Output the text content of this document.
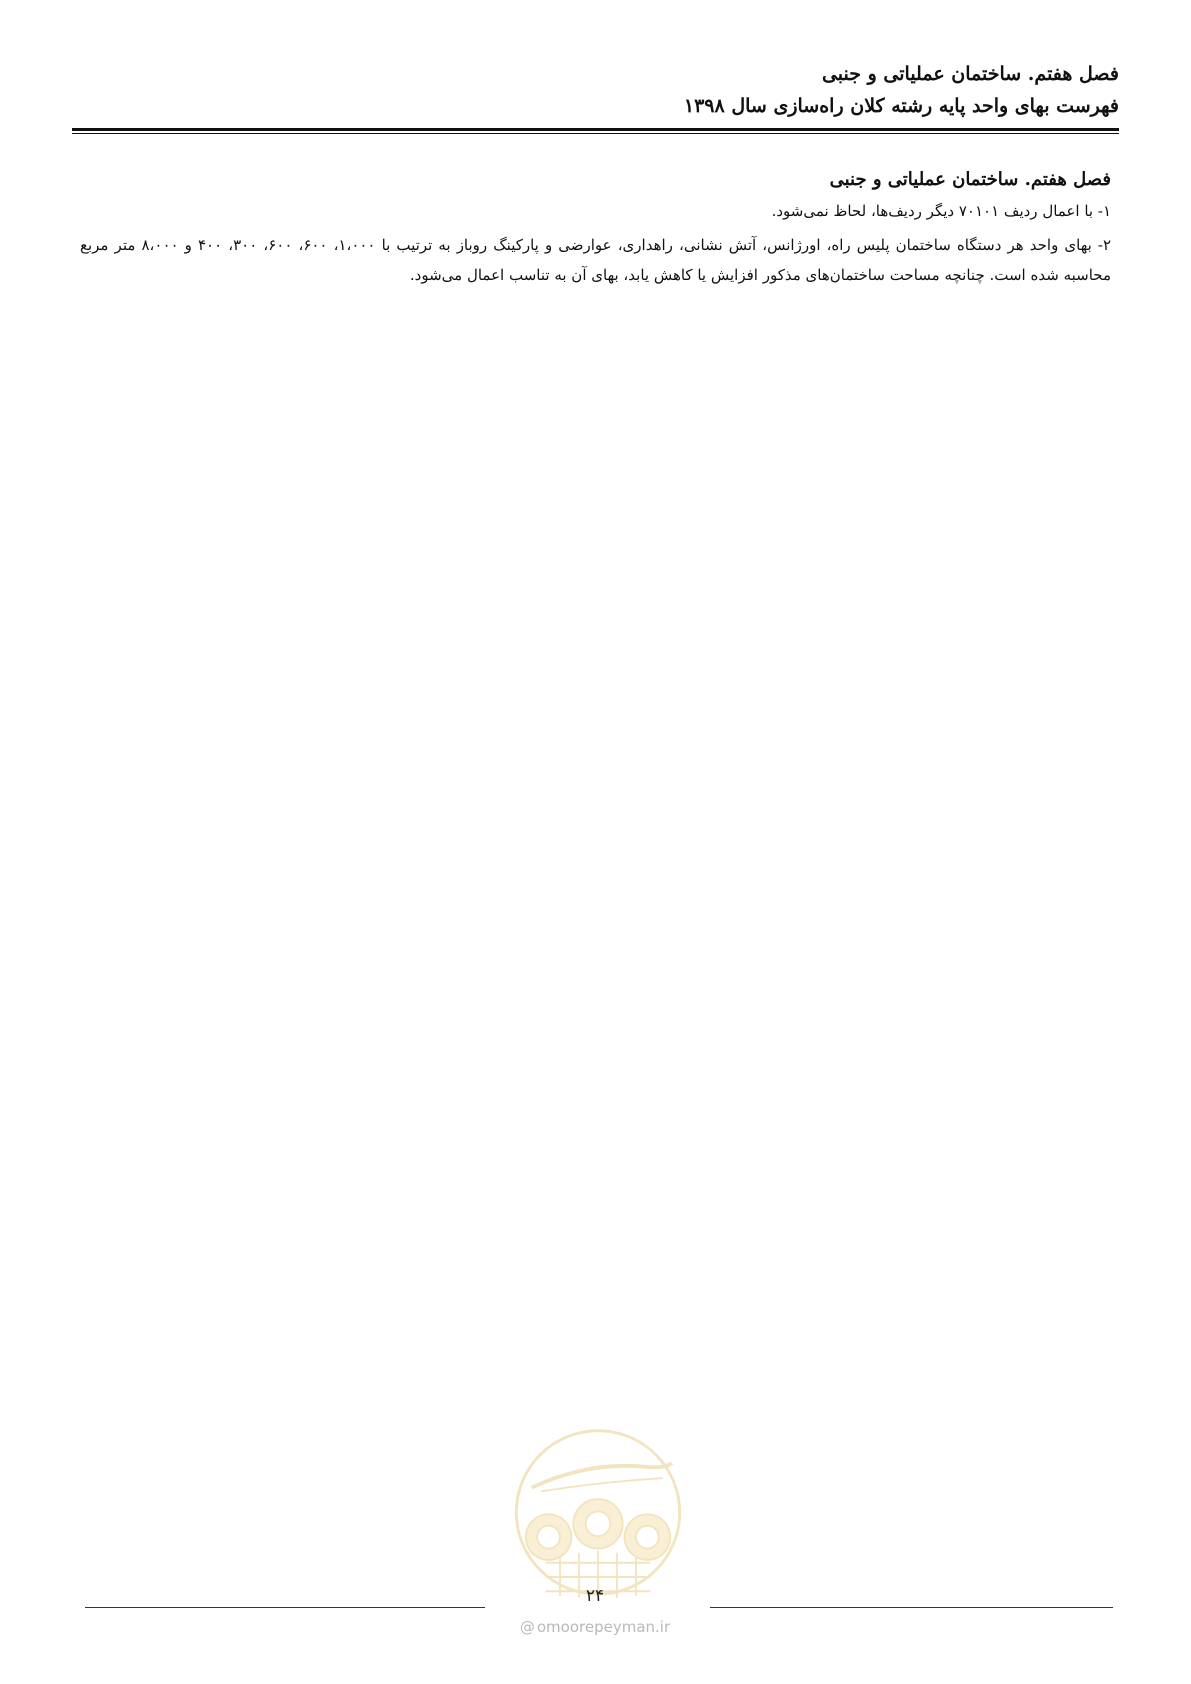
فصل هفتم. ساختمان عملیاتی و جنبی
فهرست بهای واحد پایه رشته کلان راه‌سازی سال ۱۳۹۸
فصل هفتم. ساختمان عملیاتی و جنبی

۱- با اعمال ردیف ۷۰۱۰۱ دیگر ردیف‌ها، لحاظ نمی‌شود.

۲- بهای واحد هر دستگاه ساختمان پلیس راه، اورژانس، آتش نشانی، راهداری، عوارضی و پارکینگ روباز به ترتیب با ۱،۰۰۰، ۶۰۰، ۶۰۰، ۳۰۰، ۴۰۰ و ۸،۰۰۰ متر مربع محاسبه شده است. چنانچه مساحت ساختمان‌های مذکور افزایش یا کاهش یابد، بهای آن به تناسب اعمال می‌شود.

۲۴
@ omoorepeyman.ir
